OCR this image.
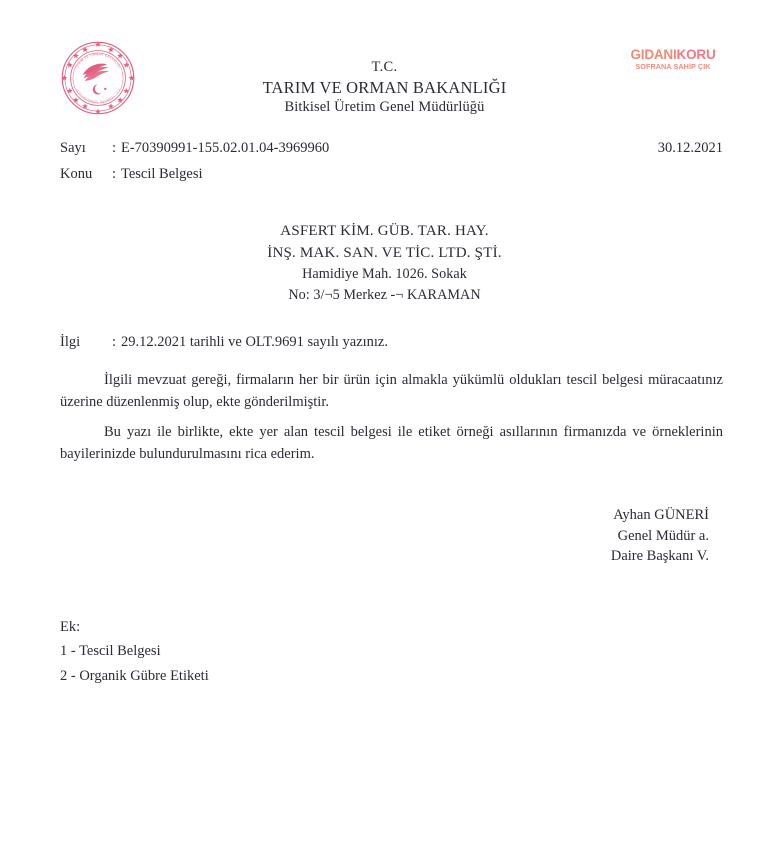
TARIM VE ORMAN BAKANLIĞI
T.C. TÜRKİYE CUMHURİYETİ
T.C.
TARIM VE ORMAN BAKANLIĞI
Bitkisel Üretim Genel Müdürlüğü
GIDANIKORU
SOFRANA SAHİP ÇIK
Sayı	: E-70390991-155.02.01.04-3969960
Konu	: Tescil Belgesi
30.12.2021
ASFERT KİM. GÜB. TAR. HAY.
İNŞ. MAK. SAN. VE TİC. LTD. ŞTİ.
Hamidiye Mah. 1026. Sokak
No: 3/¬5 Merkez -¬ KARAMAN
İlgi	: 29.12.2021 tarihli ve OLT.9691 sayılı yazınız.

İlgili mevzuat gereği, firmaların her bir ürün için almakla yükümlü oldukları tescil belgesi müracaatınız üzerine düzenlenmiş olup, ekte gönderilmiştir.

Bu yazı ile birlikte, ekte yer alan tescil belgesi ile etiket örneği asıllarının firmanızda ve örneklerinin bayilerinizde bulundurulmasını rica ederim.

Ayhan GÜNERİ
Genel Müdür a.
Daire Başkanı V.
Ek:
1 - Tescil Belgesi
2 - Organik Gübre Etiketi
